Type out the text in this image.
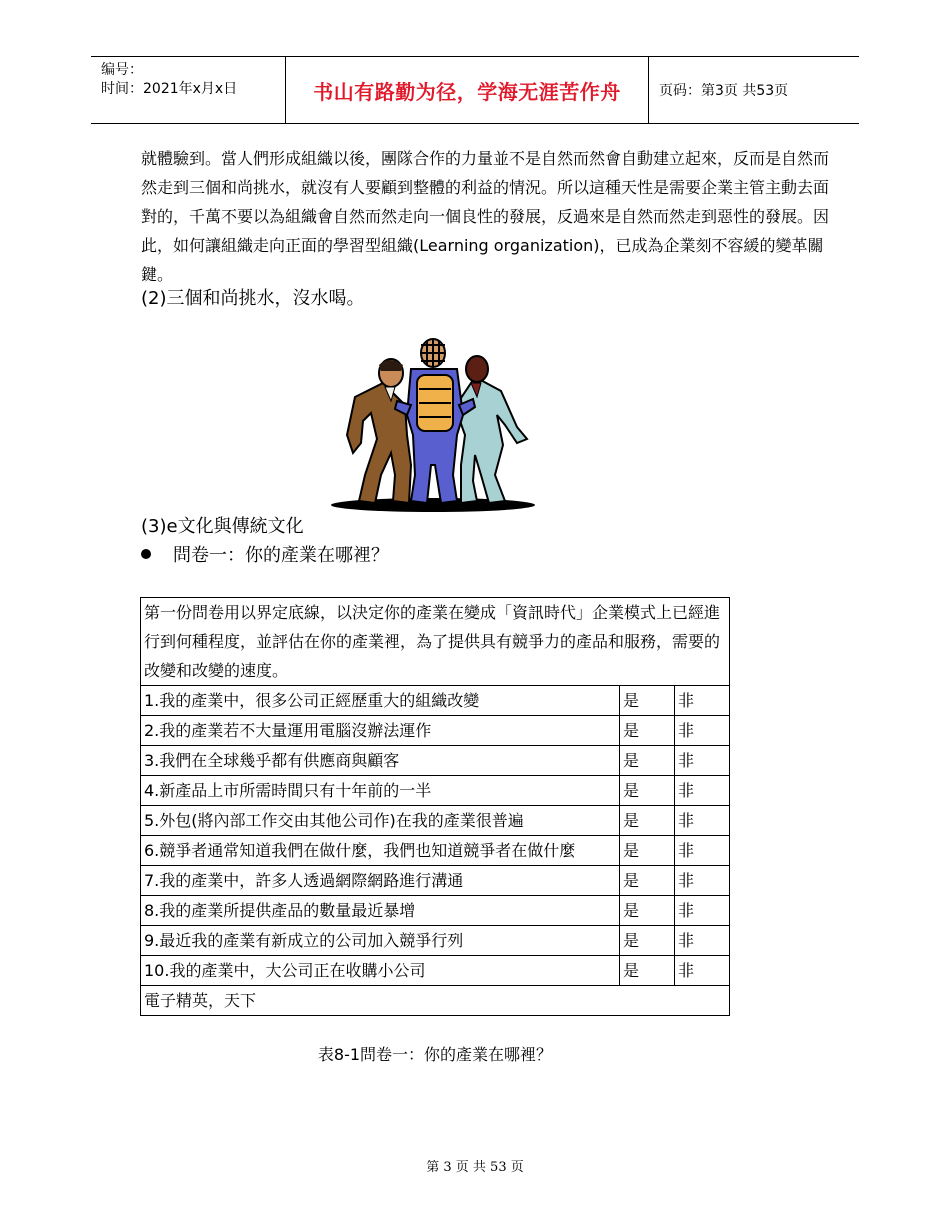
编号：
时间：2021年x月x日	书山有路勤为径，学海无涯苦作舟	页码：第3页 共53页

就體驗到。當人們形成組織以後，團隊合作的力量並不是自然而然會自動建立起來，反而是自然而然走到三個和尚挑水，就沒有人要顧到整體的利益的情況。所以這種天性是需要企業主管主動去面對的，千萬不要以為組織會自然而然走向一個良性的發展，反過來是自然而然走到惡性的發展。因此，如何讓組織走向正面的學習型組織(Learning organization)，已成為企業刻不容緩的變革關鍵。

(2)三個和尚挑水，沒水喝。

(3)e文化與傳統文化

問卷一：你的產業在哪裡？
第一份問卷用以界定底線，以決定你的產業在變成「資訊時代」企業模式上已經進行到何種程度，並評估在你的產業裡，為了提供具有競爭力的產品和服務，需要的改變和改變的速度。		
1.我的產業中，很多公司正經歷重大的組織改變	是	非
2.我的產業若不大量運用電腦沒辦法運作	是	非
3.我們在全球幾乎都有供應商與顧客	是	非
4.新產品上市所需時間只有十年前的一半	是	非
5.外包(將內部工作交由其他公司作)在我的產業很普遍	是	非
6.競爭者通常知道我們在做什麼，我們也知道競爭者在做什麼	是	非
7.我的產業中，許多人透過網際網路進行溝通	是	非
8.我的產業所提供產品的數量最近暴增	是	非
9.最近我的產業有新成立的公司加入競爭行列	是	非
10.我的產業中，大公司正在收購小公司	是	非
電子精英，天下		
表8-1問卷一：你的產業在哪裡？
第 3 页 共 53 页
